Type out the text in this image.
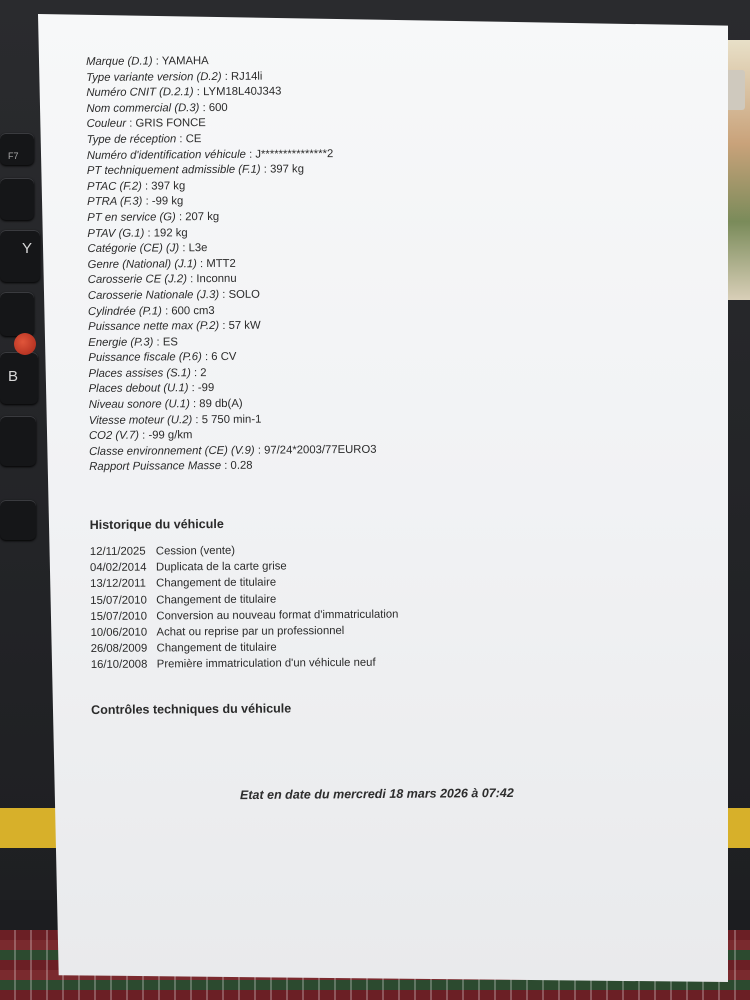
F7
Y
B
Marque (D.1) : YAMAHA
Type variante version (D.2) : RJ14li
Numéro CNIT (D.2.1) : LYM18L40J343
Nom commercial (D.3) : 600
Couleur : GRIS FONCE
Type de réception : CE
Numéro d'identification véhicule : J***************2
PT techniquement admissible (F.1) : 397 kg
PTAC (F.2) : 397 kg
PTRA (F.3) : -99 kg
PT en service (G) : 207 kg
PTAV (G.1) : 192 kg
Catégorie (CE) (J) : L3e
Genre (National) (J.1) : MTT2
Carosserie CE (J.2) : Inconnu
Carosserie Nationale (J.3) : SOLO
Cylindrée (P.1) : 600 cm3
Puissance nette max (P.2) : 57 kW
Energie (P.3) : ES
Puissance fiscale (P.6) : 6 CV
Places assises (S.1) : 2
Places debout (U.1) : -99
Niveau sonore (U.1) : 89 db(A)
Vitesse moteur (U.2) : 5 750 min-1
CO2 (V.7) : -99 g/km
Classe environnement (CE) (V.9) : 97/24*2003/77EURO3
Rapport Puissance Masse : 0.28
Historique du véhicule
12/11/2025 Cession (vente)
04/02/2014 Duplicata de la carte grise
13/12/2011 Changement de titulaire
15/07/2010 Changement de titulaire
15/07/2010 Conversion au nouveau format d'immatriculation
10/06/2010 Achat ou reprise par un professionnel
26/08/2009 Changement de titulaire
16/10/2008 Première immatriculation d'un véhicule neuf
Contrôles techniques du véhicule
Etat en date du mercredi 18 mars 2026 à 07:42
